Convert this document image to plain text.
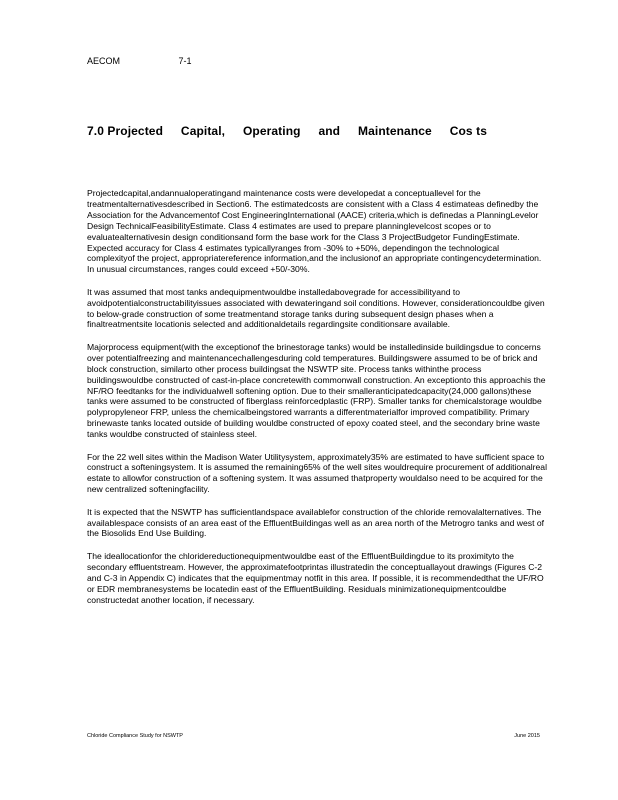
AECOM	7-1
7.0 Projected Capital, Operating and Maintenance Cos ts

Projectedcapital,andannualoperatingand maintenance costs were developedat a conceptuallevel for the treatmentalternativesdescribed in Section6. The estimatedcosts are consistent with a Class 4 estimateas definedby the Association for the Advancementof Cost EngineeringInternational (AACE) criteria,which is definedas a PlanningLevelor Design TechnicalFeasibilityEstimate. Class 4 estimates are used to prepare planninglevelcost scopes or to evaluatealternativesin design conditionsand form the base work for the Class 3 ProjectBudgetor FundingEstimate. Expected accuracy for Class 4 estimates typicallyranges from -30% to +50%, dependingon the technological complexityof the project, appropriatereference information,and the inclusionof an appropriate contingencydetermination. In unusual circumstances, ranges could exceed +50/-30%.

It was assumed that most tanks andequipmentwouldbe installedabovegrade for accessibilityand to avoidpotentialconstructabilityissues associated with dewateringand soil conditions. However, considerationcouldbe given to below-grade construction of some treatmentand storage tanks during subsequent design phases when a finaltreatmentsite locationis selected and additionaldetails regardingsite conditionsare available.

Majorprocess equipment(with the exceptionof the brinestorage tanks) would be installedinside buildingsdue to concerns over potentialfreezing and maintenancechallengesduring cold temperatures. Buildingswere assumed to be of brick and block construction, similarto other process buildingsat the NSWTP site. Process tanks withinthe process buildingswouldbe constructed of cast-in-place concretewith commonwall construction. An exceptionto this approachis the NF/RO feedtanks for the individualwell softening option. Due to their smalleranticipatedcapacity(24,000 gallons)these tanks were assumed to be constructed of fiberglass reinforcedplastic (FRP). Smaller tanks for chemicalstorage wouldbe polypropyleneor FRP, unless the chemicalbeingstored warrants a differentmaterialfor improved compatibility. Primary brinewaste tanks located outside of building wouldbe constructed of epoxy coated steel, and the secondary brine waste tanks wouldbe constructed of stainless steel.

For the 22 well sites within the Madison Water Utilitysystem, approximately35% are estimated to have sufficient space to construct a softeningsystem. It is assumed the remaining65% of the well sites wouldrequire procurement of additionalreal estate to allowfor construction of a softening system. It was assumed thatproperty wouldalso need to be acquired for the new centralized softeningfacility.

It is expected that the NSWTP has sufficientlandspace availablefor construction of the chloride removalalternatives. The availablespace consists of an area east of the EffluentBuildingas well as an area north of the Metrogro tanks and west of the Biosolids End Use Building.

The ideallocationfor the chloridereductionequipmentwouldbe east of the EffluentBuildingdue to its proximityto the secondary effluentstream. However, the approximatefootprintas illustratedin the conceptuallayout drawings (Figures C-2 and C-3 in Appendix C) indicates that the equipmentmay notfit in this area. If possible, it is recommendedthat the UF/RO or EDR membranesystems be locatedin east of the EffluentBuilding. Residuals minimizationequipmentcouldbe constructedat another location, if necessary.

Chloride Compliance Study for NSWTP	June 2015
